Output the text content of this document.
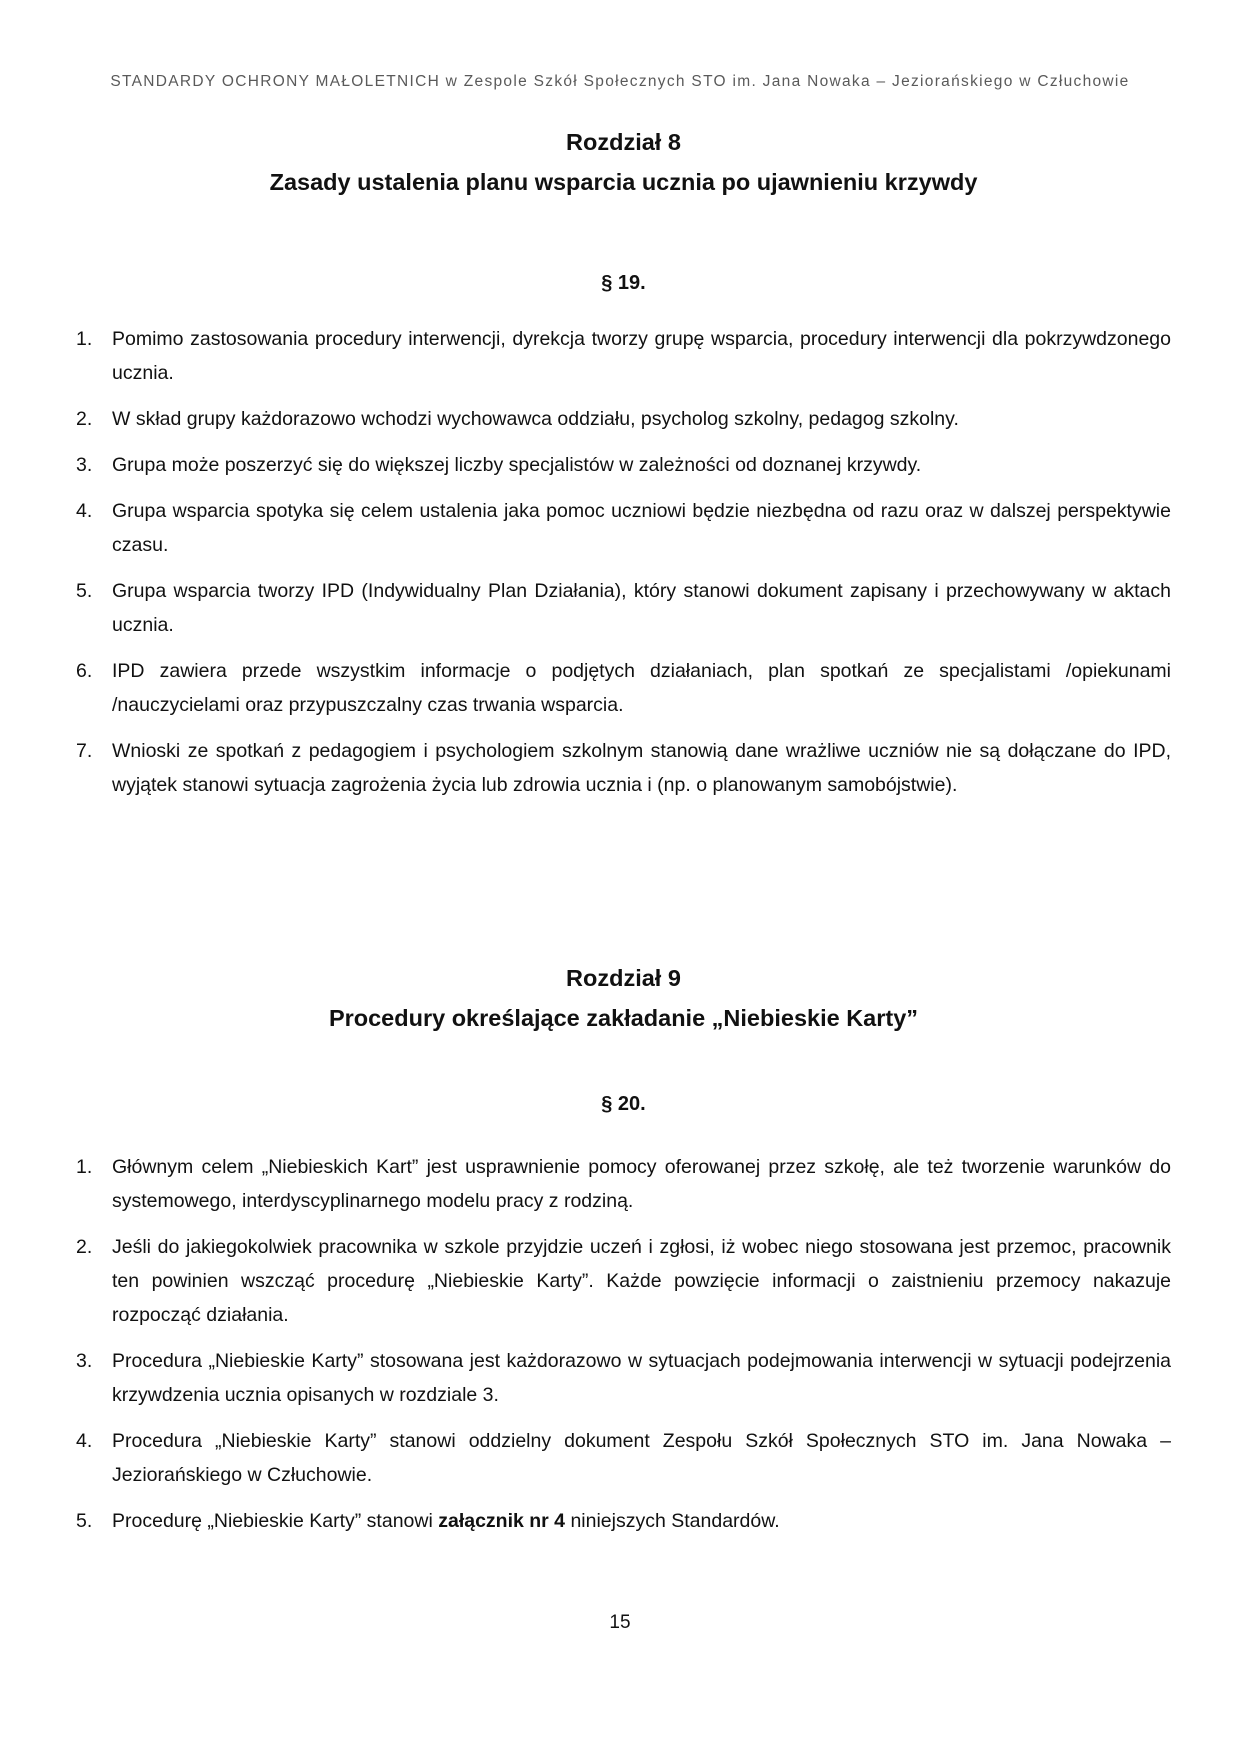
STANDARDY OCHRONY MAŁOLETNICH w Zespole Szkół Społecznych STO im. Jana Nowaka – Jeziorańskiego w Człuchowie

Rozdział 8

Zasady ustalenia planu wsparcia ucznia po ujawnieniu krzywdy

§ 19.

1. Pomimo zastosowania procedury interwencji, dyrekcja tworzy grupę wsparcia, procedury interwencji dla pokrzywdzonego ucznia.
2. W skład grupy każdorazowo wchodzi wychowawca oddziału, psycholog szkolny, pedagog szkolny.
3. Grupa może poszerzyć się do większej liczby specjalistów w zależności od doznanej krzywdy.
4. Grupa wsparcia spotyka się celem ustalenia jaka pomoc uczniowi będzie niezbędna od razu oraz w dalszej perspektywie czasu.
5. Grupa wsparcia tworzy IPD (Indywidualny Plan Działania), który stanowi dokument zapisany i przechowywany w aktach ucznia.
6. IPD zawiera przede wszystkim informacje o podjętych działaniach, plan spotkań ze specjalistami /opiekunami /nauczycielami oraz przypuszczalny czas trwania wsparcia.
7. Wnioski ze spotkań z pedagogiem i psychologiem szkolnym stanowią dane wrażliwe uczniów nie są dołączane do IPD, wyjątek stanowi sytuacja zagrożenia życia lub zdrowia ucznia i (np. o planowanym samobójstwie).

Rozdział 9

Procedury określające zakładanie „Niebieskie Karty”

§ 20.

1. Głównym celem „Niebieskich Kart” jest usprawnienie pomocy oferowanej przez szkołę, ale też tworzenie warunków do systemowego, interdyscyplinarnego modelu pracy z rodziną.
2. Jeśli do jakiegokolwiek pracownika w szkole przyjdzie uczeń i zgłosi, iż wobec niego stosowana jest przemoc, pracownik ten powinien wszcząć procedurę „Niebieskie Karty”. Każde powzięcie informacji o zaistnieniu przemocy nakazuje rozpocząć działania.
3. Procedura „Niebieskie Karty” stosowana jest każdorazowo w sytuacjach podejmowania interwencji w sytuacji podejrzenia krzywdzenia ucznia opisanych w rozdziale 3.
4. Procedura „Niebieskie Karty” stanowi oddzielny dokument Zespołu Szkół Społecznych STO im. Jana Nowaka – Jeziorańskiego w Człuchowie.
5. Procedurę „Niebieskie Karty” stanowi załącznik nr 4 niniejszych Standardów.
15
